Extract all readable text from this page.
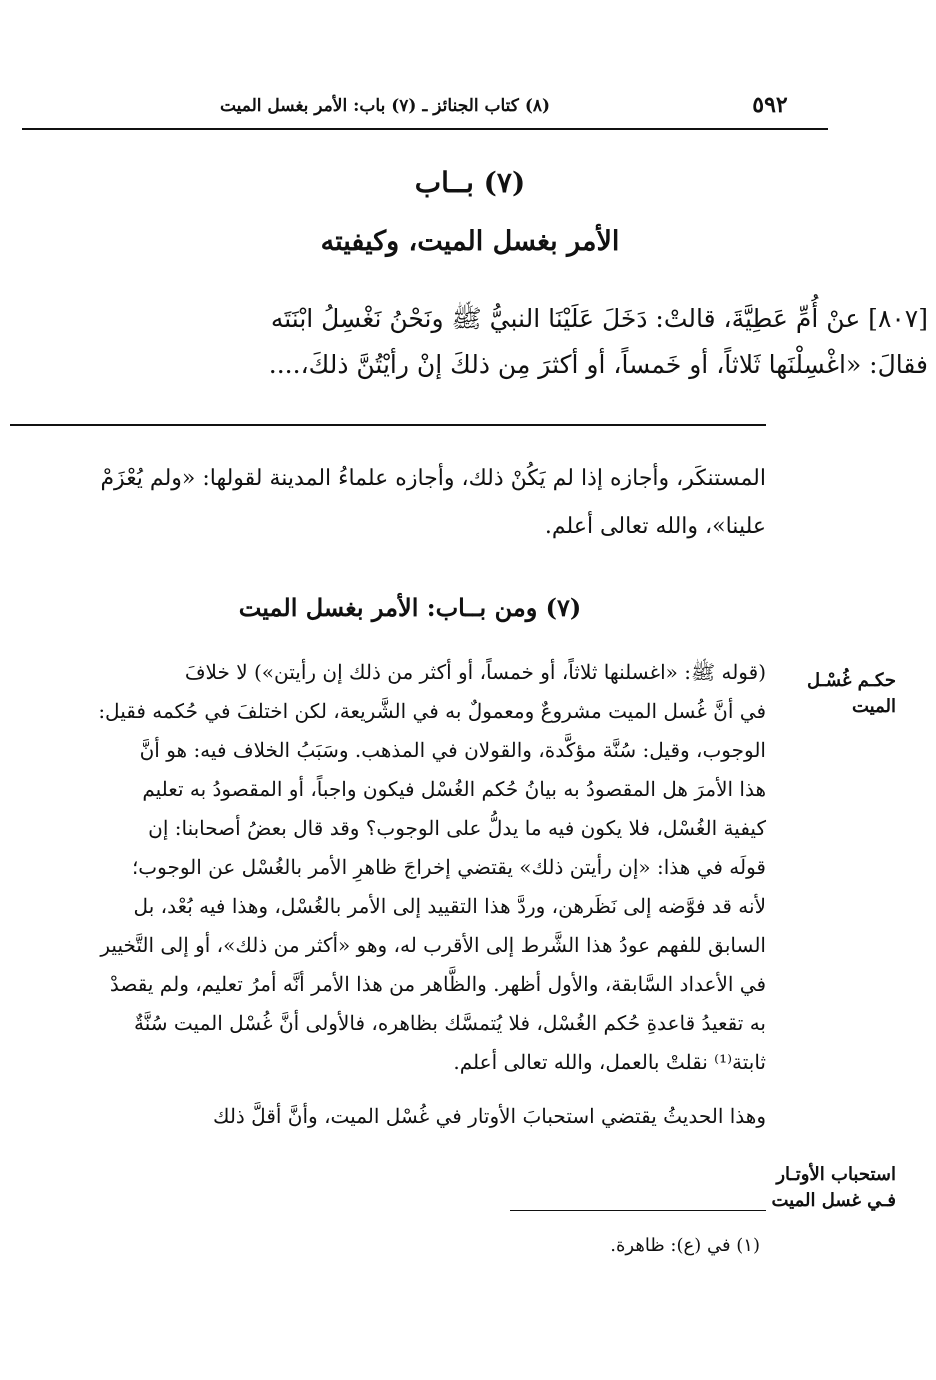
٥٩٢
(٨) كتاب الجنائز ـ (٧) باب: الأمر بغسل الميت
(٧) بــاب
الأمر بغسل الميت، وكيفيته
[٨٠٧] عنْ أُمِّ عَطِيَّةَ، قالتْ: دَخَلَ عَلَيْنَا النبيُّ ﷺ ونَحْنُ نَغْسِلُ ابْنَتَه
فقالَ: «اغْسِلْنَها ثَلاثاً، أو خَمساً، أو أكثرَ مِن ذلكَ إنْ رأيْتُنَّ ذلكَ،....
المستنكَر، وأجازه إذا لم يَكُنْ ذلك، وأجازه علماءُ المدينة لقولها: «ولم يُعْزَمْ
علينا»، والله تعالى أعلم.
(٧) ومن بــاب: الأمر بغسل الميت
حكـم غُسْـل الميت
استحباب الأوتـار فـي غسل الميت
(قوله ﷺ: «اغسلنها ثلاثاً، أو خمساً، أو أكثر من ذلك إن رأيتن») لا خلافَ
في أنَّ غُسل الميت مشروعٌ ومعمولٌ به في الشَّريعة، لكن اختلفَ في حُكمه فقيل:
الوجوب، وقيل: سُنَّة مؤكَّدة، والقولان في المذهب. وسَبَبُ الخلاف فيه: هو أنَّ
هذا الأمرَ هل المقصودُ به بيانُ حُكم الغُسْل فيكون واجباً، أو المقصودُ به تعليم
كيفية الغُسْل، فلا يكون فيه ما يدلُّ على الوجوب؟ وقد قال بعضُ أصحابنا: إن
قولَه في هذا: «إن رأيتن ذلك» يقتضي إخراجَ ظاهرِ الأمر بالغُسْل عن الوجوب؛
لأنه قد فوَّضه إلى نَظَرهن، وردَّ هذا التقييد إلى الأمر بالغُسْل، وهذا فيه بُعْد، بل
السابق للفهم عودُ هذا الشَّرط إلى الأقرب له، وهو «أكثر من ذلك»، أو إلى التَّخيير
في الأعداد السَّابقة، والأول أظهر. والظَّاهر من هذا الأمر أنَّه أمرُ تعليم، ولم يقصدْ
به تقعيدُ قاعدةِ حُكم الغُسْل، فلا يُتمسَّك بظاهره، فالأولى أنَّ غُسْل الميت سُنَّةٌ
ثابتة⁽¹⁾ نقلتْ بالعمل، والله تعالى أعلم.
وهذا الحديثُ يقتضي استحبابَ الأوتار في غُسْل الميت، وأنَّ أقلَّ ذلك
(١) في (ع): ظاهرة.
